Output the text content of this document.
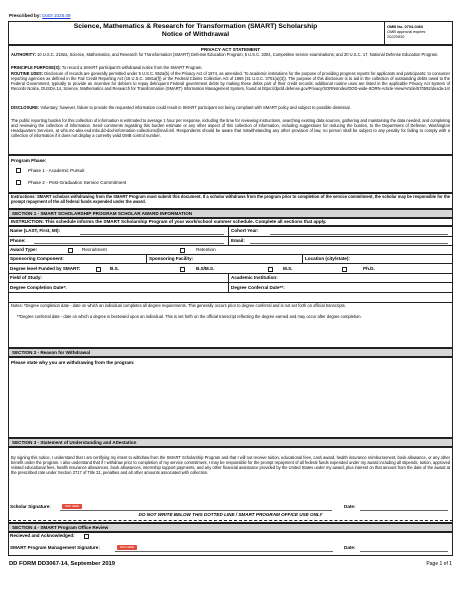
Prescribed by: DoDI 1025.09
Science, Mathematics & Research for Transformation (SMART) Scholarship
Notice of Withdrawal
OMB No. 0704-0466
OMB approval expires
20220930
PRIVACY ACT STATEMENT
AUTHORITY: 10 U.S.C. 2192a, Science, Mathematics, and Research for Transformation (SMART) Defense Education Program; 5 U.S.C. 3304, Competitive service examinations; and 20 U.S.C. 17, National Defense Education Program.
PRINCIPLE PURPOSE(S): To record a SMART participant's withdrawal notice from the SMART Program.
ROUTINE USES: Disclosure of records are generally permitted under 5 U.S.C. 552a(b) of the Privacy Act of 1974, as amended. To academic institutions for the purpose of providing progress reports for applicants and participants; to consumer reporting agencies as defined in the Fair Credit Reporting Act (15 U.S.C. 1681a(f)) or the Federal Claims Collection Act of 1966 (31 U.S.C. 3701(a)(3)). The purpose of this disclosure is to aid in the collection of outstanding debts owed to the Federal Government, typically to provide an incentive for debtors to repay delinquent Federal government debts by making these debts part of their credit records; additional routine uses are listed in the applicable Privacy Act System of Records Notice, DUSDA 14, Science, Mathematics and Research for Transformation (SMART) Information Management System, found at https://dpcld.defense.gov/Privacy/SORNsIndex/DOD-wide-SORN-Article-View/Article/570592/dusda-14/
DISCLOSURE: Voluntary; however, failure to provide the requested information could result in SMART participant not being compliant with SMART policy and subject to possible dismissal.
The public reporting burden for this collection of information is estimated to average 1 hour per response, including the time for reviewing instructions, searching existing data sources, gathering and maintaining the data needed, and completing and reviewing the collection of information. Send comments regarding this burden estimate or any other aspect of this collection of information, including suggestions for reducing the burden, to the Department of Defense, Washington Headquarters Services, at whs.mc-alex.esd.mbx.dd-dod-information-collections@mail.mil. Respondents should be aware that notwithstanding any other provision of law, no person shall be subject to any penalty for failing to comply with a collection of information if it does not display a currently valid OMB control number.
Program Phase:
Phase 1 - Academic Pursuit
Phase 2 - Post-Graduation Service Commitment
Instructions: SMART scholars withdrawing from the SMART Program must submit this document. If a scholar withdraws from the program prior to completion of the service commitment, the scholar may be responsible for the prompt repayment of the all federal funds expended under the award.
SECTION 1 - SMART SCHOLARSHIP PROGRAM SCHOLAR AWARD INFORMATION
INSTRUCTION: This schedule informs the SMART Scholarship Program of your work/school summer schedule. Complete all sections that apply.
Name (LAST, First, MI):	Cohort Year:
Phone:	Email:
Award Type:	Recruitment	Retention
Sponsoring Component:	Sponsoring Facility:	Location (city/state):
Degree level Funded by SMART:	B.S.	B.S/M.S.	M.S.	Ph.D.
Field of Study:	Academic Institution:
Degree Completion Date*:	Degree Conferral Date**:
Notes: *Degree completion date - date on which an individual completes all degree requirements. This generally occurs prior to degree conferral and is not set forth on official transcripts.
**Degree conferral date - date on which a degree is bestowed upon an individual. This is set forth on the official transcript reflecting the degree earned and may occur after degree completion.
SECTION 2 - Reason for Withdrawal
Please state why you are withdrawing from the program:
SECTION 3 - Statement of Understanding and Attestation
By signing this notice, I understand that I am certifying my intent to withdraw from the SMART Scholarship Program and that I will not receive tuition, educational fees, cash award, health insurance reimbursement, book allowance, or any other benefit under the program. I also understand that if I withdraw prior to completion of my service commitment, I may be responsible for the prompt repayment of all federal funds expended under my award including all stipends, tuition, approved related educational fees, health insurance allowances, book allowances, internship support payments, and any other financial assistance provided by the United States under my award, plus interest on that amount from the date of the award at the prescribed rate under Section 3717 of Title 31, penalties and all other amounts associated with collection.
Scholar Signature:	SIGN HERE	Date:
DO NOT WRITE BELOW THIS DOTTED LINE / SMART PROGRAM OFFICE USE ONLY
SECTION 4 - SMART Program Office Review
Recieved and Acknowledged:
SMART Program Management Signature:	SIGN HERE	Date:
DD FORM DD3067-14, September 2019	Page 1 of 1
